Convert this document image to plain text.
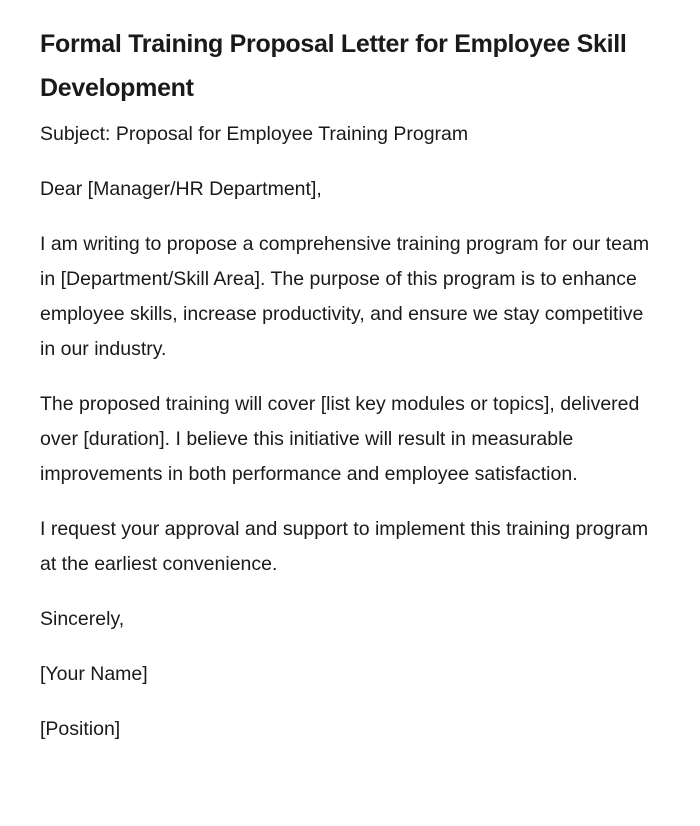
Formal Training Proposal Letter for Employee Skill Development

Subject: Proposal for Employee Training Program

Dear [Manager/HR Department],

I am writing to propose a comprehensive training program for our team in [Department/Skill Area]. The purpose of this program is to enhance employee skills, increase productivity, and ensure we stay competitive in our industry.

The proposed training will cover [list key modules or topics], delivered over [duration]. I believe this initiative will result in measurable improvements in both performance and employee satisfaction.

I request your approval and support to implement this training program at the earliest convenience.

Sincerely,

[Your Name]

[Position]
